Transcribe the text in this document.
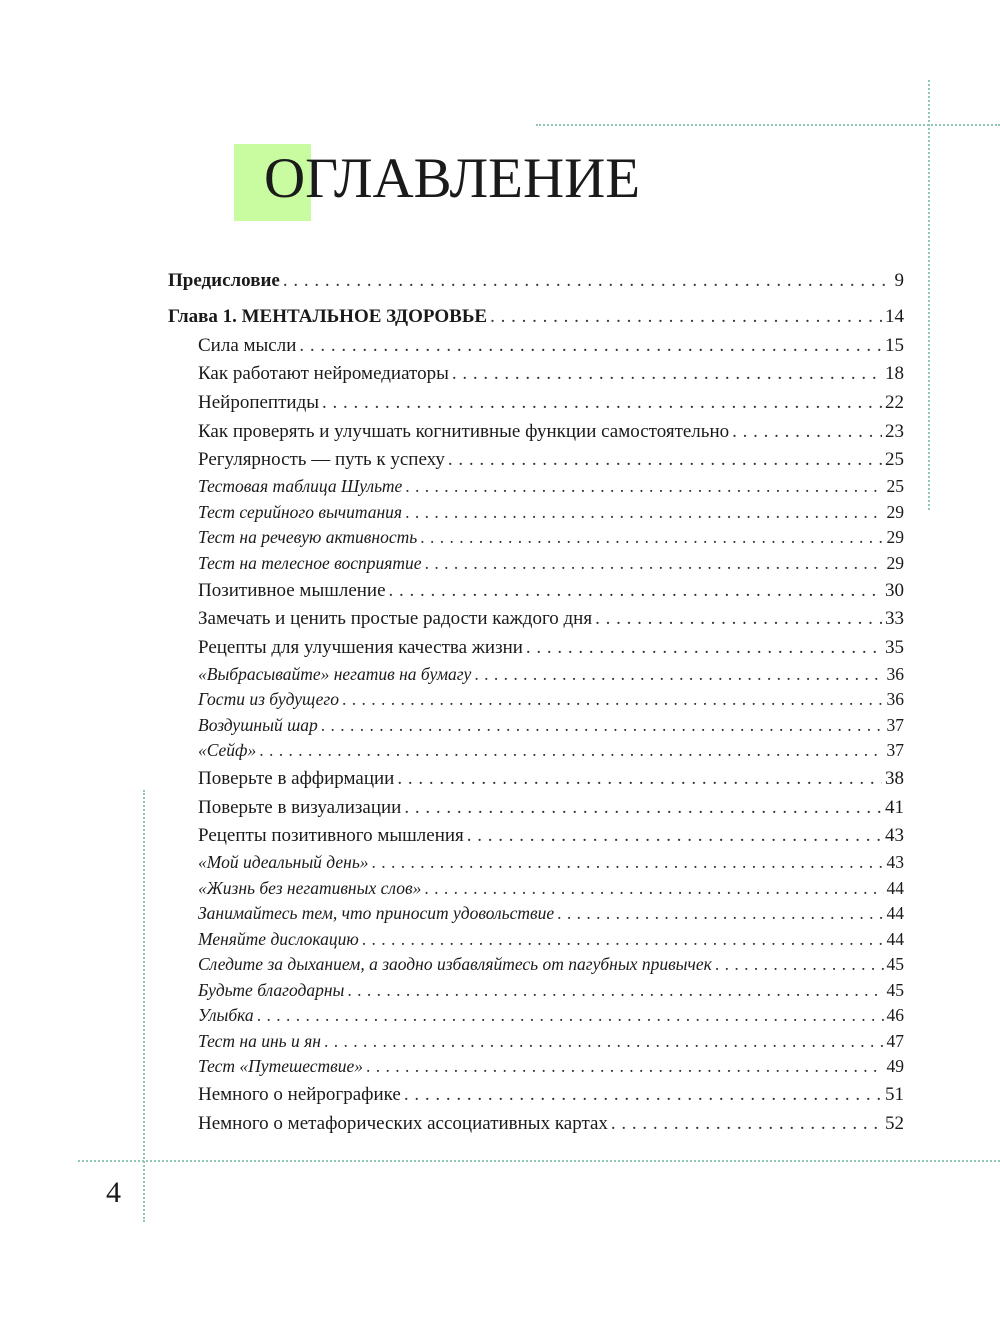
ОГЛАВЛЕНИЕ
Предисловие . . .	9
Глава 1. МЕНТАЛЬНОЕ ЗДОРОВЬЕ . . .	14
Сила мысли . . .	15
Как работают нейромедиаторы . . .	18
Нейропептиды . . .	22
Как проверять и улучшать когнитивные функции самостоятельно . . .	23
Регулярность — путь к успеху . . .	25
Тестовая таблица Шульте . . .	25
Тест серийного вычитания . . .	29
Тест на речевую активность . . .	29
Тест на телесное восприятие . . .	29
Позитивное мышление . . .	30
Замечать и ценить простые радости каждого дня . . .	33
Рецепты для улучшения качества жизни . . .	35
«Выбрасывайте» негатив на бумагу . . .	36
Гости из будущего . . .	36
Воздушный шар . . .	37
«Сейф» . . .	37
Поверьте в аффирмации . . .	38
Поверьте в визуализации . . .	41
Рецепты позитивного мышления . . .	43
«Мой идеальный день» . . .	43
«Жизнь без негативных слов» . . .	44
Занимайтесь тем, что приносит удовольствие . . .	44
Меняйте дислокацию . . .	44
Следите за дыханием, а заодно избавляйтесь от пагубных привычек . . .	45
Будьте благодарны . . .	45
Улыбка . . .	46
Тест на инь и ян . . .	47
Тест «Путешествие» . . .	49
Немного о нейрографике . . .	51
Немного о метафорических ассоциативных картах . . .	52
4
